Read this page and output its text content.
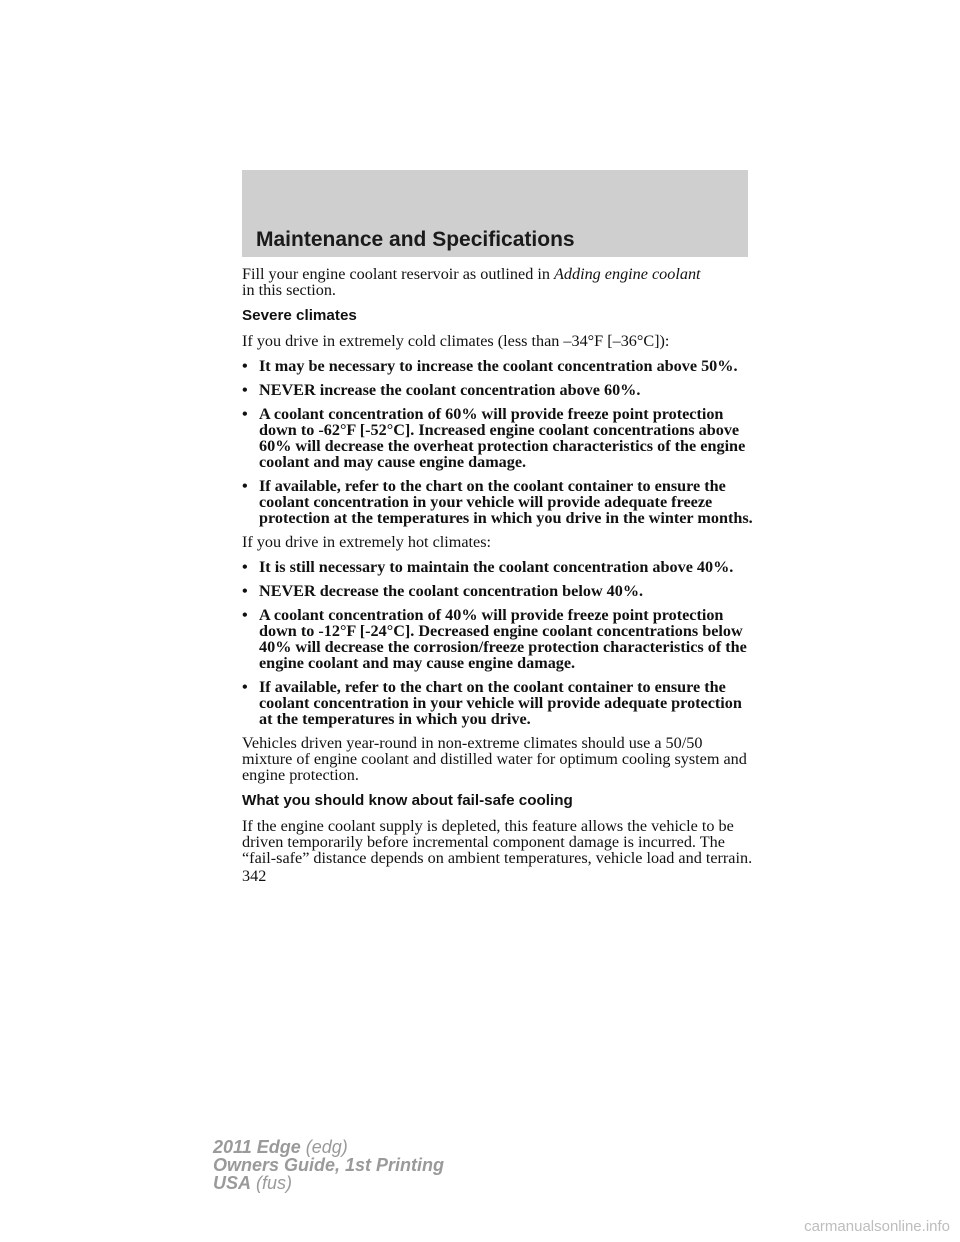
Maintenance and Specifications

Fill your engine coolant reservoir as outlined in Adding engine coolant
in this section.

Severe climates

If you drive in extremely cold climates (less than –34°F [–36°C]):

• It may be necessary to increase the coolant concentration above 50%.

• NEVER increase the coolant concentration above 60%.

• A coolant concentration of 60% will provide freeze point protection down to -62°F [-52°C]. Increased engine coolant concentrations above 60% will decrease the overheat protection characteristics of the engine coolant and may cause engine damage.

• If available, refer to the chart on the coolant container to ensure the coolant concentration in your vehicle will provide adequate freeze protection at the temperatures in which you drive in the winter months.

If you drive in extremely hot climates:

• It is still necessary to maintain the coolant concentration above 40%.

• NEVER decrease the coolant concentration below 40%.

• A coolant concentration of 40% will provide freeze point protection down to -12°F [-24°C]. Decreased engine coolant concentrations below 40% will decrease the corrosion/freeze protection characteristics of the engine coolant and may cause engine damage.

• If available, refer to the chart on the coolant container to ensure the coolant concentration in your vehicle will provide adequate protection at the temperatures in which you drive.

Vehicles driven year-round in non-extreme climates should use a 50/50 mixture of engine coolant and distilled water for optimum cooling system and engine protection.

What you should know about fail-safe cooling

If the engine coolant supply is depleted, this feature allows the vehicle to be driven temporarily before incremental component damage is incurred. The “fail-safe” distance depends on ambient temperatures, vehicle load and terrain.

342

2011 Edge (edg)
Owners Guide, 1st Printing
USA (fus)
carmanualsonline.info
